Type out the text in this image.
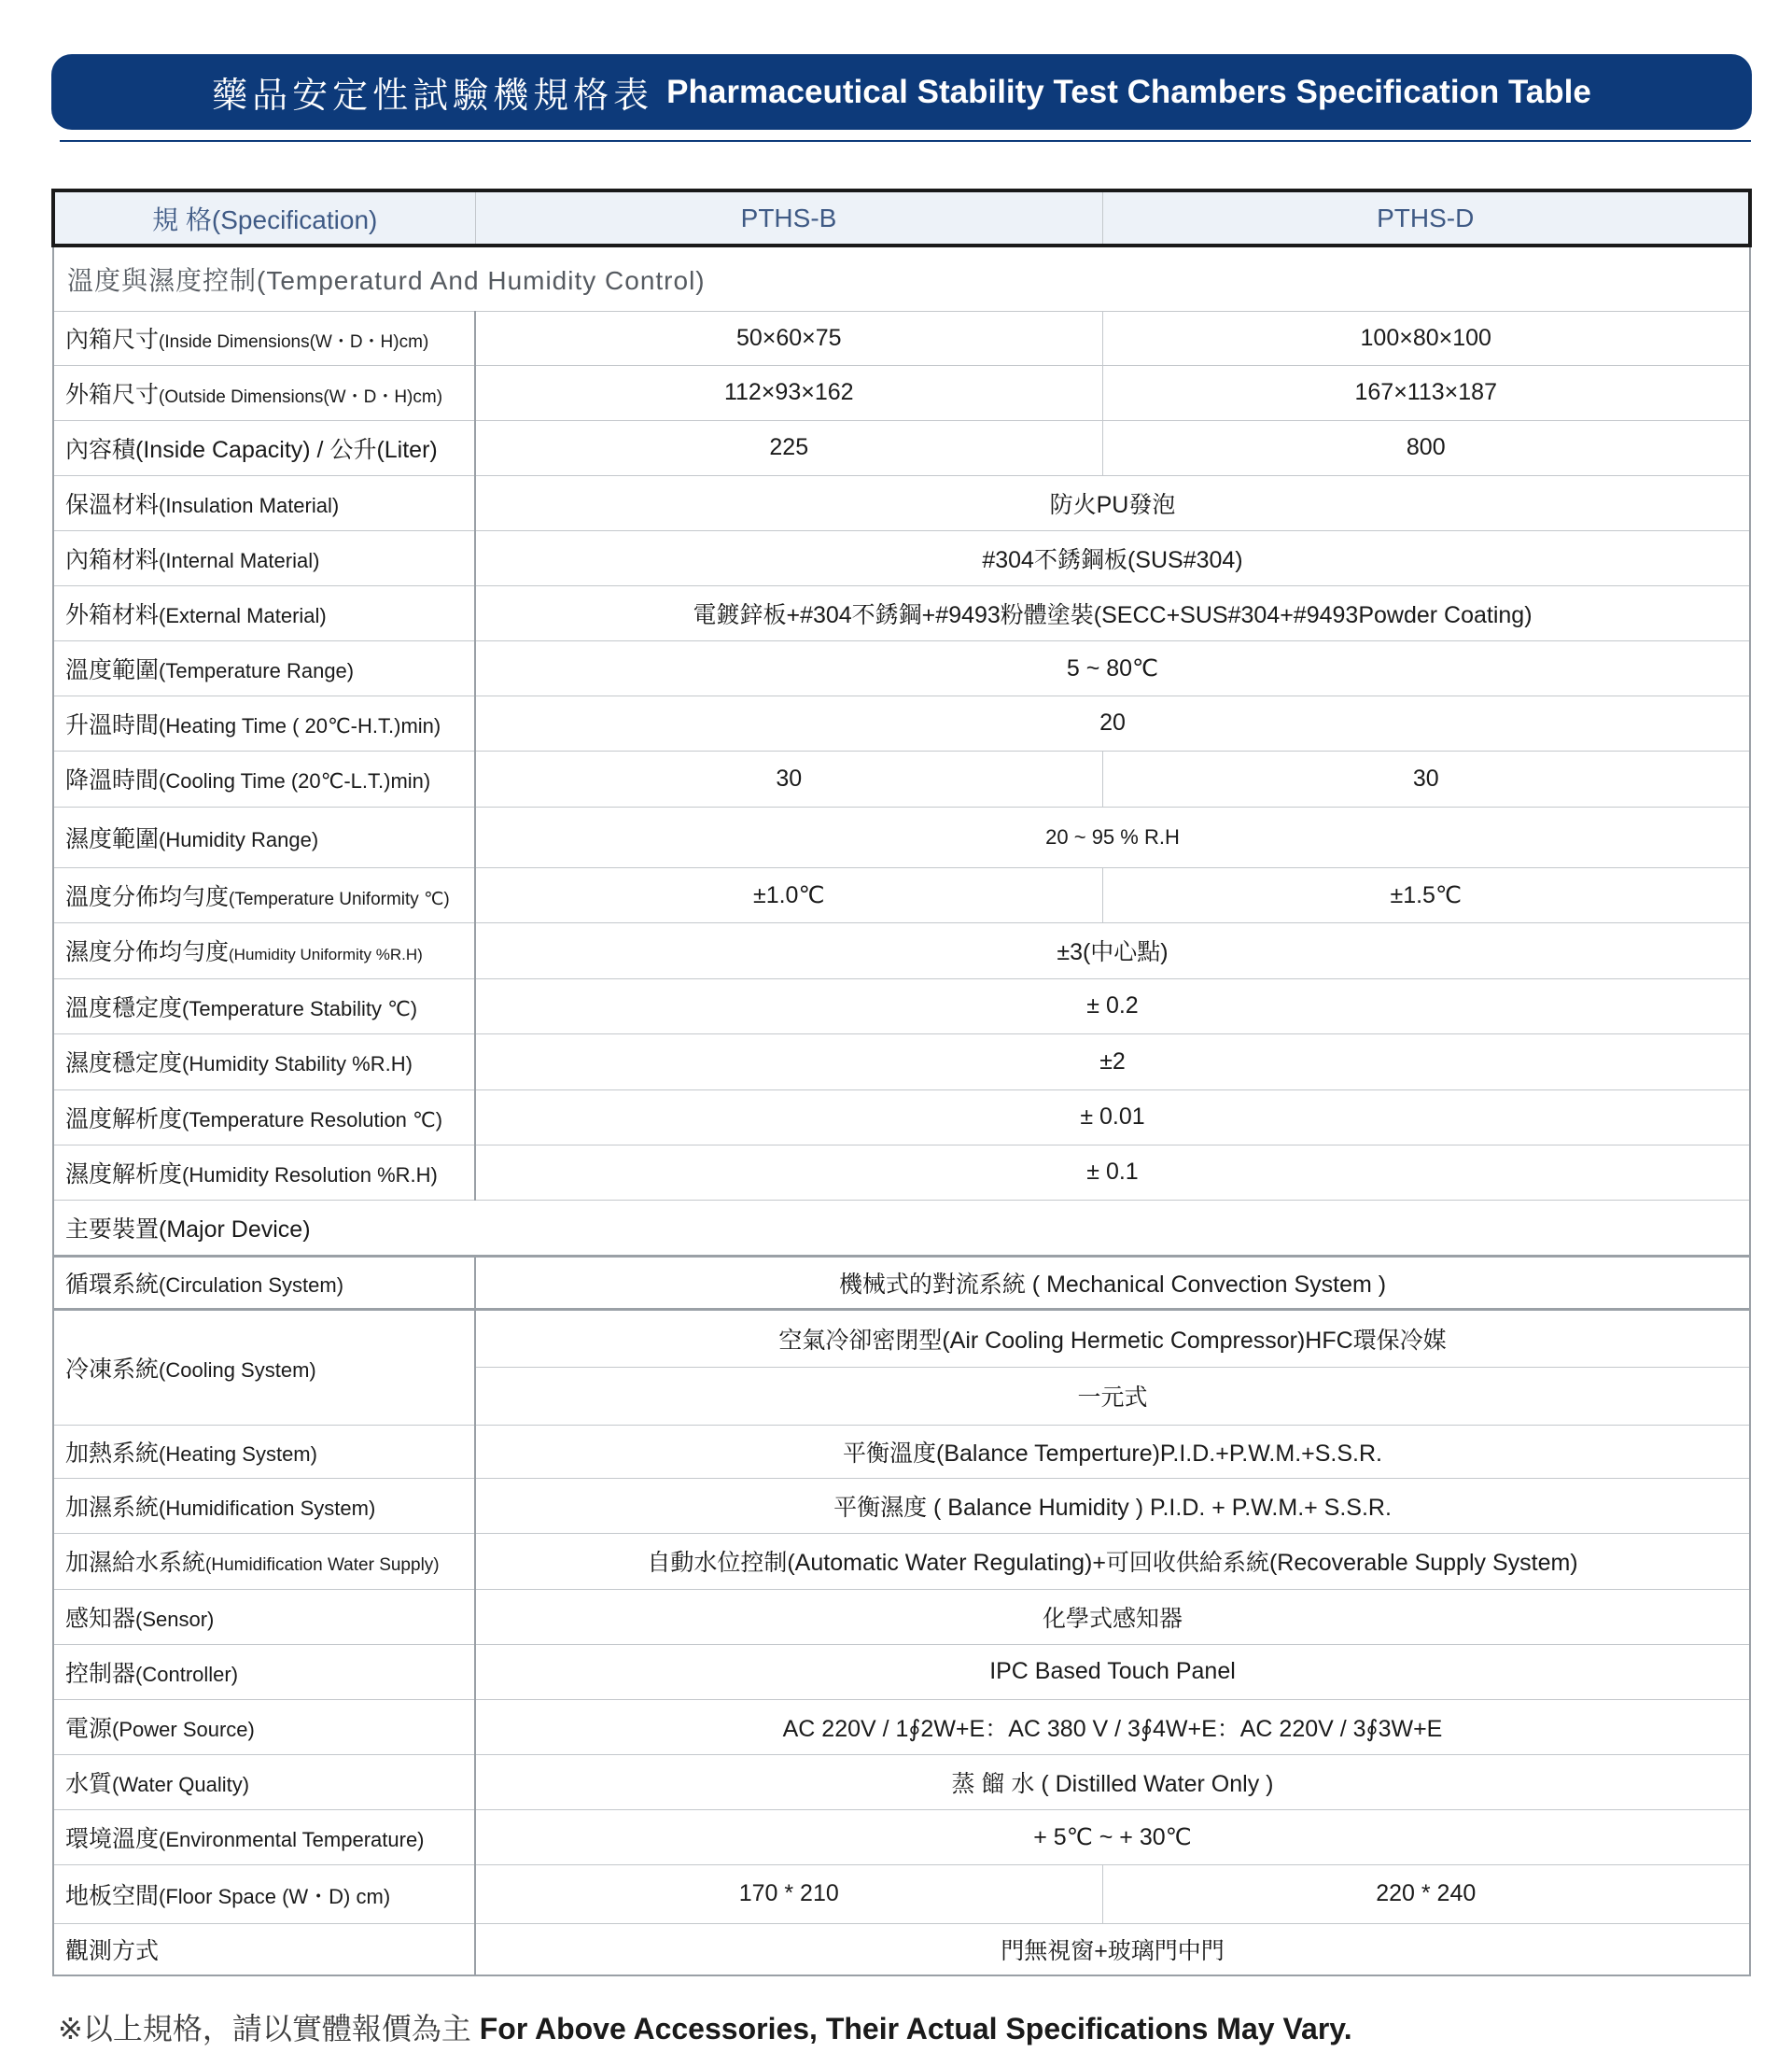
藥品安定性試驗機規格表 Pharmaceutical Stability Test Chambers Specification Table
規 格(Specification)	PTHS-B	PTHS-D
溫度與濕度控制(Temperaturd And Humidity Control)		
內箱尺寸(Inside Dimensions(W・D・H)cm)	50×60×75	100×80×100
外箱尺寸(Outside Dimensions(W・D・H)cm)	112×93×162	167×113×187
內容積(Inside Capacity) / 公升(Liter)	225	800
保溫材料(Insulation Material)	防火PU發泡	
內箱材料(Internal Material)	#304不銹鋼板(SUS#304)	
外箱材料(External Material)	電鍍鋅板+#304不銹鋼+#9493粉體塗裝(SECC+SUS#304+#9493Powder Coating)	
溫度範圍(Temperature Range)	5 ~ 80℃	
升溫時間(Heating Time ( 20℃-H.T.)min)	20	
降溫時間(Cooling Time (20℃-L.T.)min)	30	30
濕度範圍(Humidity Range)	20 ~ 95 % R.H	
溫度分佈均勻度(Temperature Uniformity ℃)	±1.0℃	±1.5℃
濕度分佈均勻度(Humidity Uniformity %R.H)	±3(中心點)	
溫度穩定度(Temperature Stability ℃)	± 0.2	
濕度穩定度(Humidity Stability %R.H)	±2	
溫度解析度(Temperature Resolution ℃)	± 0.01	
濕度解析度(Humidity Resolution %R.H)	± 0.1	
主要裝置(Major Device)		
循環系統(Circulation System)	機械式的對流系統 ( Mechanical Convection System )	
冷凍系統(Cooling System)	空氣冷卻密閉型(Air Cooling Hermetic Compressor)HFC環保冷媒	
	一元式	
加熱系統(Heating System)	平衡溫度(Balance Temperture)P.I.D.+P.W.M.+S.S.R.	
加濕系統(Humidification System)	平衡濕度 ( Balance Humidity ) P.I.D. + P.W.M.+ S.S.R.	
加濕給水系統(Humidification Water Supply)	自動水位控制(Automatic Water Regulating)+可回收供給系統(Recoverable Supply System)	
感知器(Sensor)	化學式感知器	
控制器(Controller)	IPC Based Touch Panel	
電源(Power Source)	AC 220V / 1∮2W+E：AC 380 V / 3∮4W+E：AC 220V / 3∮3W+E	
水質(Water Quality)	蒸 餾 水 ( Distilled Water Only )	
環境溫度(Environmental Temperature)	+ 5℃ ~ + 30℃	
地板空間(Floor Space (W・D) cm)	170 * 210	220 * 240
觀測方式	門無視窗+玻璃門中門	
※以上規格，請以實體報價為主 For Above Accessories, Their Actual Specifications May Vary.
